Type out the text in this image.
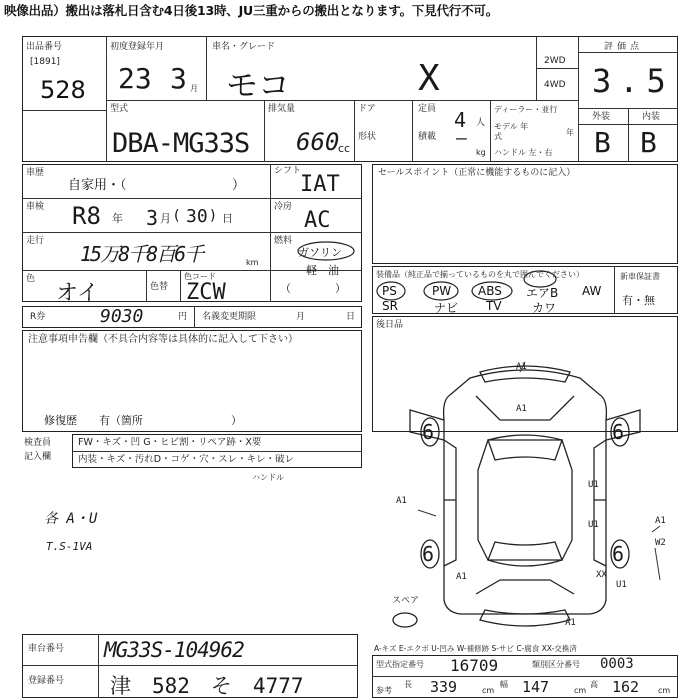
映像出品）搬出は落札日含む4日後13時、JU三重からの搬出となります。下見代行不可。
出品番号
[1891]
528
初度登録年月
23 3 月
車名・グレード
モコ	X	2WD
4WD
評価点
3.5
外装	内装
B B
型式
DBA-MG33S
排気量
660
cc
ドア
形状
定員 4 人
積載 —
kg
ディーラー・並行
モデル 年式	年
ハンドル 左・右
車歴
自家用・（	）
車検 R8 年 3 月 ( 30 ) 日
走行
15万8千8百6千	km
色
オイ	色替
色コード
ZCW
シフト
IAT
冷房
AC
燃料
ガソリン
軽　油
（　　　　）
セールスポイント（正常に機能するものに記入）
装備品（純正品で揃っているものを丸で囲んでください）
PS	PW ABS エアB AW
SR	ナビ TV	カワ
新車保証書
有・無
後日品
R券	9030	円 名義変更期限	月	日
注意事項申告欄（不具合内容等は具体的に記入して下さい）
修復歴　　有（箇所　　　　　　　　）
検査員
記入欄
FW・キズ・凹 G・ヒビ割・リペア跡・X要
内装・キズ・汚れD・コゲ・穴・スレ・キレ・破レ
ハンドル
各 A・U
T.S-1VA
A1
A1
U1
U1
A1
A1
A1
W2
A1
XX
U1
6	6
6	6
スペア
車台番号 MG33S-104962
登録番号 津　582　そ　4777
A-キズ E-エクボ U-凹み W-補修跡 S-サビ C-腐食 XX-交換済
型式指定番号 16709	類別区分番号 0003
参考
長 339	cm
幅 147	cm
高 162 cm
